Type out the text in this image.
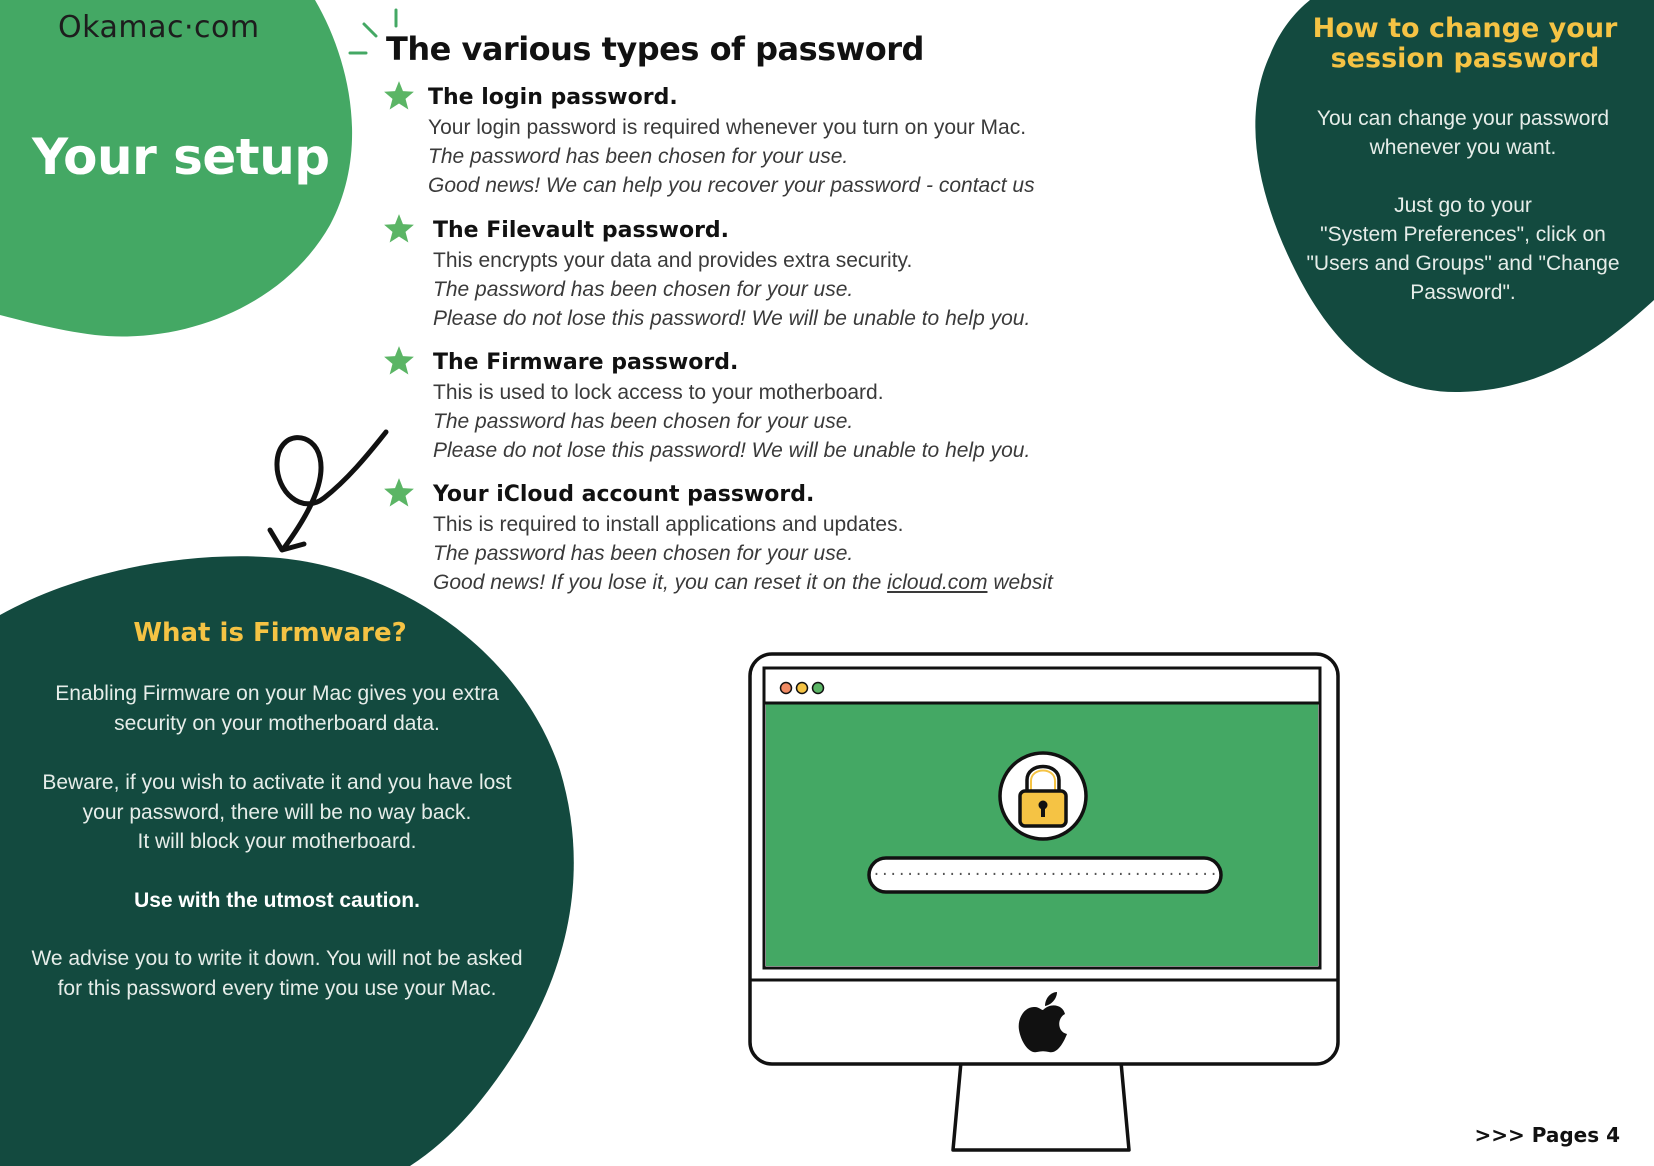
Okamac·com
Your setup
The various types of password
The login password.
Your login password is required whenever you turn on your Mac.
The password has been chosen for your use.
Good news! We can help you recover your password - contact us
The Filevault password.
This encrypts your data and provides extra security.
The password has been chosen for your use.
Please do not lose this password! We will be unable to help you.
The Firmware password.
This is used to lock access to your motherboard.
The password has been chosen for your use.
Please do not lose this password! We will be unable to help you.
Your iCloud account password.
This is required to install applications and updates.
The password has been chosen for your use.
Good news! If you lose it, you can reset it on the icloud.com websit
How to change your
session password
You can change your password
whenever you want.
Just go to your
"System Preferences", click on
"Users and Groups" and "Change
Password".
What is Firmware?
Enabling Firmware on your Mac gives you extra
security on your motherboard data.
Beware, if you wish to activate it and you have lost
your password, there will be no way back.
It will block your motherboard.
Use with the utmost caution.
We advise you to write it down. You will not be asked
for this password every time you use your Mac.
·········································
>>> Pages 4
